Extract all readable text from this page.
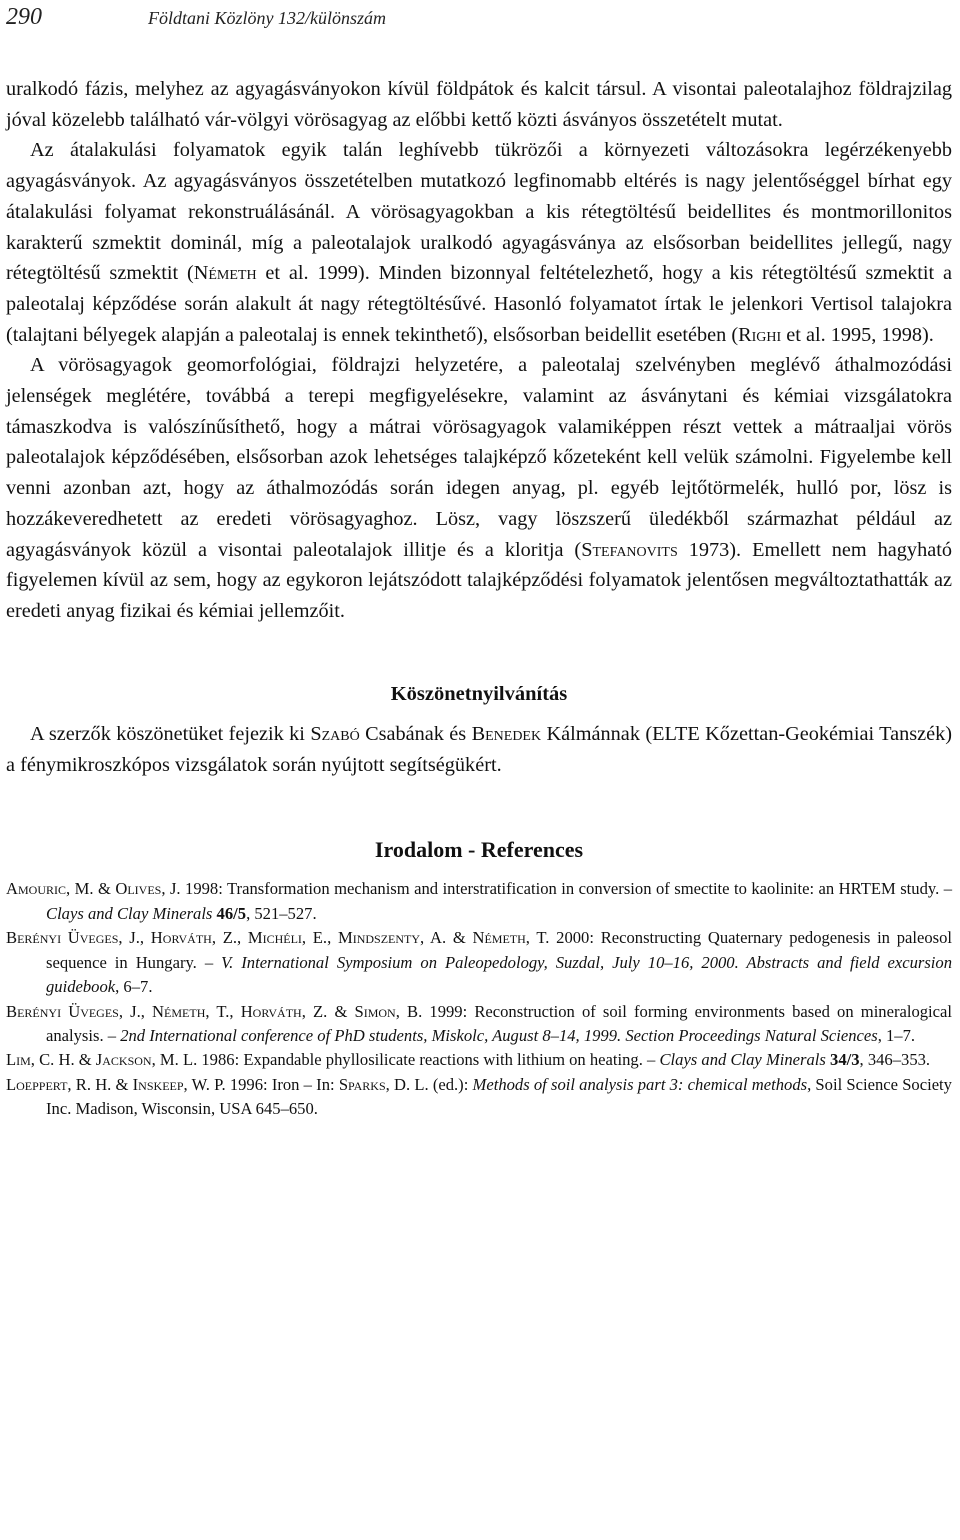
290	Földtani Közlöny 132/különszám

uralkodó fázis, melyhez az agyagásványokon kívül földpátok és kalcit társul. A visontai paleotalajhoz földrajzilag jóval közelebb található vár-völgyi vörösagyag az előbbi kettő közti ásványos összetételt mutat.

Az átalakulási folyamatok egyik talán leghívebb tükrözői a környezeti változásokra legérzékenyebb agyagásványok. Az agyagásványos összetételben mutatkozó legfinomabb eltérés is nagy jelentőséggel bírhat egy átalakulási folyamat rekonstruálásánál. A vörösagyagokban a kis rétegtöltésű beidellites és montmorillonitos karakterű szmektit dominál, míg a paleotalajok uralkodó agyagásványa az elsősorban beidellites jellegű, nagy rétegtöltésű szmektit (Németh et al. 1999). Minden bizonnyal feltételezhető, hogy a kis rétegtöltésű szmektit a paleotalaj képződése során alakult át nagy rétegtöltésűvé. Hasonló folyamatot írtak le jelenkori Vertisol talajokra (talajtani bélyegek alapján a paleotalaj is ennek tekinthető), elsősorban beidellit esetében (Righi et al. 1995, 1998).

A vörösagyagok geomorfológiai, földrajzi helyzetére, a paleotalaj szelvényben meglévő áthalmozódási jelenségek meglétére, továbbá a terepi megfigyelésekre, valamint az ásványtani és kémiai vizsgálatokra támaszkodva is valószínűsíthető, hogy a mátrai vörösagyagok valamiképpen részt vettek a mátraaljai vörös paleotalajok képződésében, elsősorban azok lehetséges talajképző kőzeteként kell velük számolni. Figyelembe kell venni azonban azt, hogy az áthalmozódás során idegen anyag, pl. egyéb lejtőtörmelék, hulló por, lösz is hozzákeveredhetett az eredeti vörösagyaghoz. Lösz, vagy löszszerű üledékből származhat például az agyagásványok közül a visontai paleotalajok illitje és a kloritja (Stefanovits 1973). Emellett nem hagyható figyelemen kívül az sem, hogy az egykoron lejátszódott talajképződési folyamatok jelentősen megváltoztathatták az eredeti anyag fizikai és kémiai jellemzőit.

Köszönetnyilvánítás

A szerzők köszönetüket fejezik ki Szabó Csabának és Benedek Kálmánnak (ELTE Kőzettan-Geokémiai Tanszék) a fénymikroszkópos vizsgálatok során nyújtott segítségükért.

Irodalom - References
Amouric, M. & Olives, J. 1998: Transformation mechanism and interstratification in conversion of smectite to kaolinite: an HRTEM study. – Clays and Clay Minerals 46/5, 521–527.
Berényi Üveges, J., Horváth, Z., Michéli, E., Mindszenty, A. & Németh, T. 2000: Reconstructing Quaternary pedogenesis in paleosol sequence in Hungary. – V. International Symposium on Paleopedology, Suzdal, July 10–16, 2000. Abstracts and field excursion guidebook, 6–7.
Berényi Üveges, J., Németh, T., Horváth, Z. & Simon, B. 1999: Reconstruction of soil forming environments based on mineralogical analysis. – 2nd International conference of PhD students, Miskolc, August 8–14, 1999. Section Proceedings Natural Sciences, 1–7.
Lim, C. H. & Jackson, M. L. 1986: Expandable phyllosilicate reactions with lithium on heating. – Clays and Clay Minerals 34/3, 346–353.
Loeppert, R. H. & Inskeep, W. P. 1996: Iron – In: Sparks, D. L. (ed.): Methods of soil analysis part 3: chemical methods, Soil Science Society Inc. Madison, Wisconsin, USA 645–650.
